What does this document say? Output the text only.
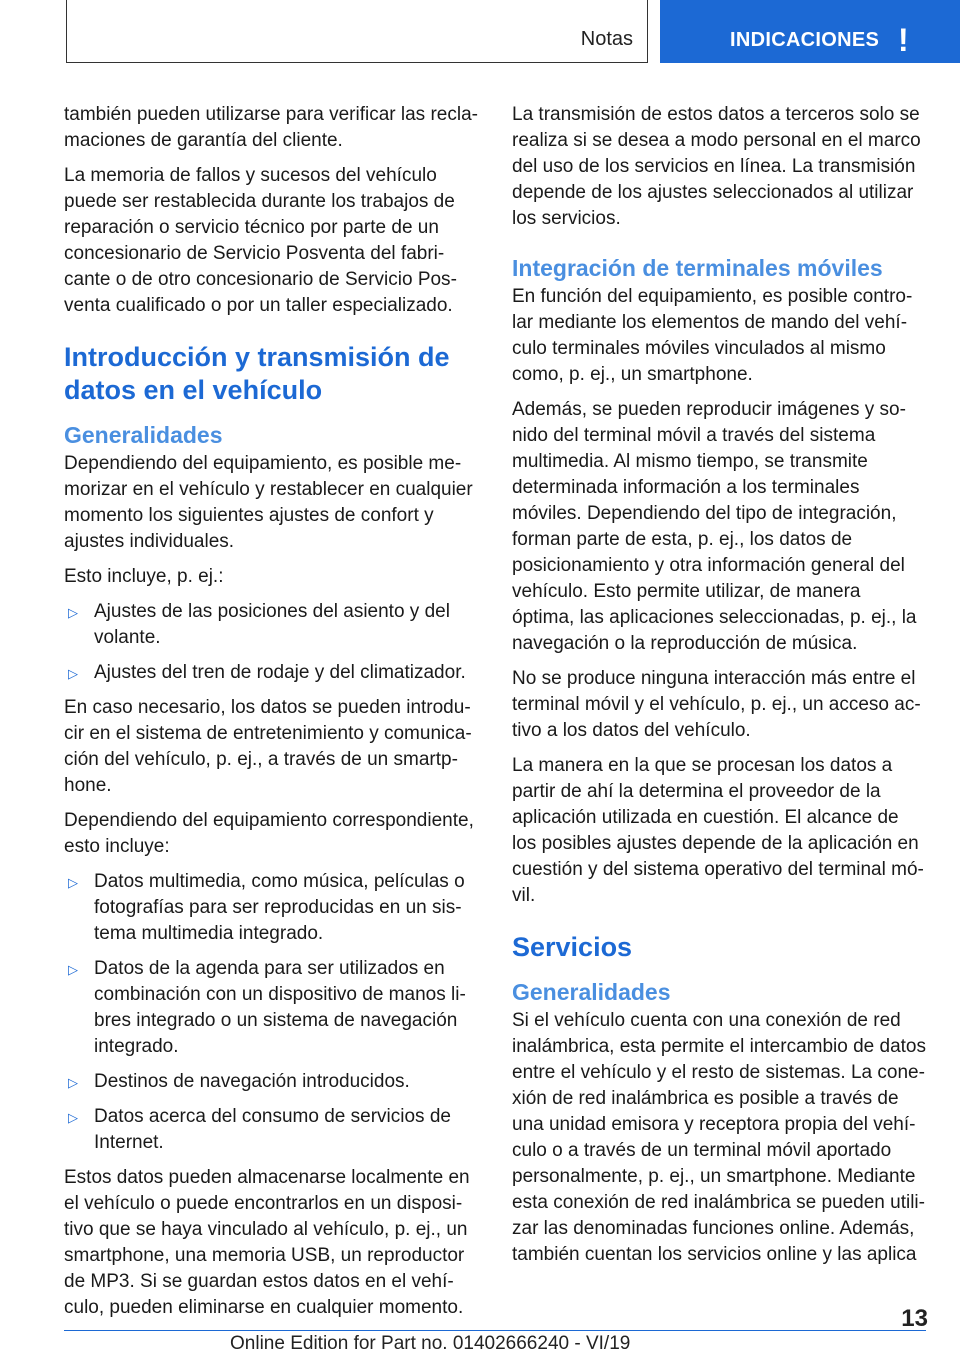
Notas	INDICACIONES !

también pueden utilizarse para verificar las reclamaciones de garantía del cliente.

La memoria de fallos y sucesos del vehículo puede ser restablecida durante los trabajos de reparación o servicio técnico por parte de un concesionario de Servicio Posventa del fabricante o de otro concesionario de Servicio Posventa cualificado o por un taller especializado.

Introducción y transmisión de datos en el vehículo
Generalidades

Dependiendo del equipamiento, es posible memorizar en el vehículo y restablecer en cualquier momento los siguientes ajustes de confort y ajustes individuales.

Esto incluye, p. ej.:

▷ Ajustes de las posiciones del asiento y del volante.
▷ Ajustes del tren de rodaje y del climatizador.

En caso necesario, los datos se pueden introducir en el sistema de entretenimiento y comunicación del vehículo, p. ej., a través de un smartphone.

Dependiendo del equipamiento correspondiente, esto incluye:

▷ Datos multimedia, como música, películas o fotografías para ser reproducidas en un sistema multimedia integrado.
▷ Datos de la agenda para ser utilizados en combinación con un dispositivo de manos libres integrado o un sistema de navegación integrado.
▷ Destinos de navegación introducidos.
▷ Datos acerca del consumo de servicios de Internet.

Estos datos pueden almacenarse localmente en el vehículo o puede encontrarlos en un dispositivo que se haya vinculado al vehículo, p. ej., un smartphone, una memoria USB, un reproductor de MP3. Si se guardan estos datos en el vehículo, pueden eliminarse en cualquier momento.

La transmisión de estos datos a terceros solo se realiza si se desea a modo personal en el marco del uso de los servicios en línea. La transmisión depende de los ajustes seleccionados al utilizar los servicios.

Integración de terminales móviles

En función del equipamiento, es posible controlar mediante los elementos de mando del vehículo terminales móviles vinculados al mismo como, p. ej., un smartphone.

Además, se pueden reproducir imágenes y sonido del terminal móvil a través del sistema multimedia. Al mismo tiempo, se transmite determinada información a los terminales móviles. Dependiendo del tipo de integración, forman parte de esta, p. ej., los datos de posicionamiento y otra información general del vehículo. Esto permite utilizar, de manera óptima, las aplicaciones seleccionadas, p. ej., la navegación o la reproducción de música.

No se produce ninguna interacción más entre el terminal móvil y el vehículo, p. ej., un acceso activo a los datos del vehículo.

La manera en la que se procesan los datos a partir de ahí la determina el proveedor de la aplicación utilizada en cuestión. El alcance de los posibles ajustes depende de la aplicación en cuestión y del sistema operativo del terminal móvil.

Servicios
Generalidades

Si el vehículo cuenta con una conexión de red inalámbrica, esta permite el intercambio de datos entre el vehículo y el resto de sistemas. La conexión de red inalámbrica es posible a través de una unidad emisora y receptora propia del vehículo o a través de un terminal móvil aportado personalmente, p. ej., un smartphone. Mediante esta conexión de red inalámbrica se pueden utilizar las denominadas funciones online. Además, también cuentan los servicios online y las aplica

13
Online Edition for Part no. 01402666240 - VI/19
